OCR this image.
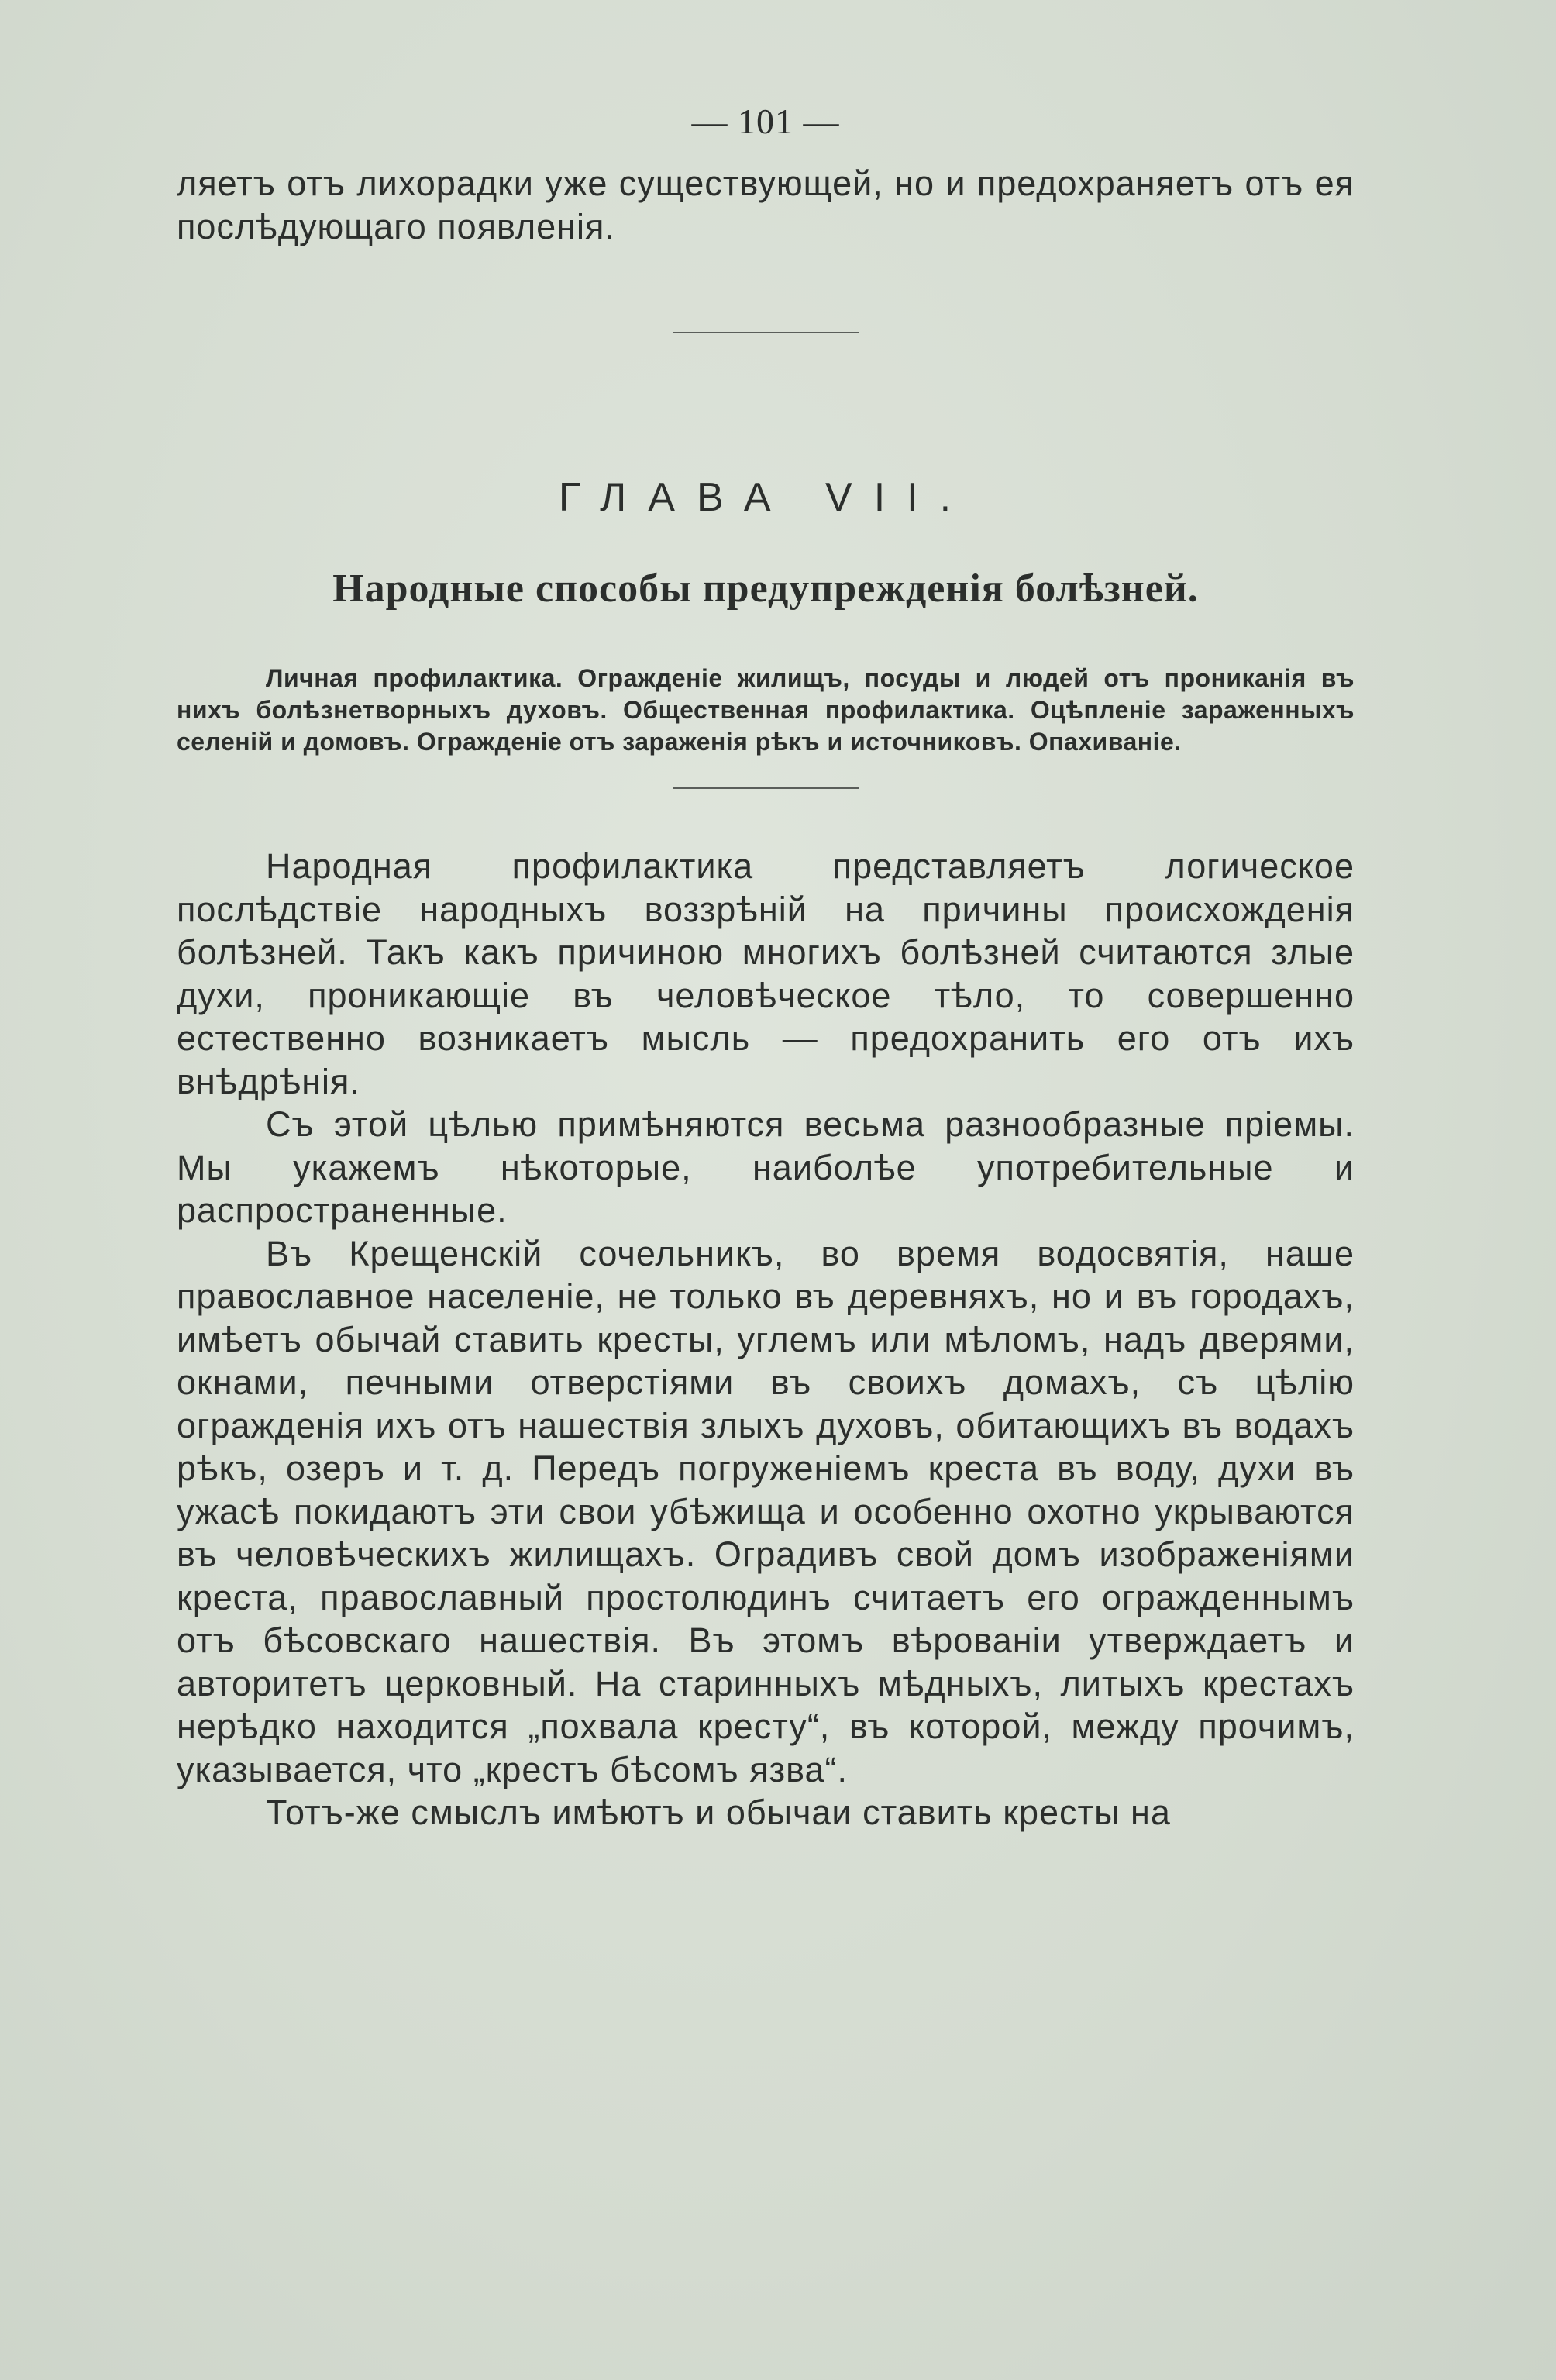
— 101 —

ляетъ отъ лихорадки уже существующей, но и предохраняетъ отъ ея послѣдующаго появленія.

ГЛАВА VII.
Народные способы предупрежденія болѣзней.
Личная профилактика. Огражденіе жилищъ, посуды и людей отъ прониканія въ нихъ болѣзнетворныхъ духовъ. Общественная профилактика. Оцѣпленіе зараженныхъ селеній и домовъ. Огражденіе отъ зараженія рѣкъ и источниковъ. Опахиваніе.

Народная профилактика представляетъ логическое послѣдствіе народныхъ воззрѣній на причины происхожденія болѣзней. Такъ какъ причиною многихъ болѣзней считаются злые духи, проникающіе въ человѣческое тѣло, то совершенно естественно возникаетъ мысль — предохранить его отъ ихъ внѣдрѣнія.

Съ этой цѣлью примѣняются весьма разнообразные пріемы. Мы укажемъ нѣкоторые, наиболѣе употребительные и распространенные.

Въ Крещенскій сочельникъ, во время водосвятія, наше православное населеніе, не только въ деревняхъ, но и въ городахъ, имѣетъ обычай ставить кресты, углемъ или мѣломъ, надъ дверями, окнами, печными отверстіями въ своихъ домахъ, съ цѣлію огражденія ихъ отъ нашествія злыхъ духовъ, обитающихъ въ водахъ рѣкъ, озеръ и т. д. Передъ погруженіемъ креста въ воду, духи въ ужасѣ покидаютъ эти свои убѣжища и особенно охотно укрываются въ человѣческихъ жилищахъ. Оградивъ свой домъ изображеніями креста, православный простолюдинъ считаетъ его огражденнымъ отъ бѣсовскаго нашествія. Въ этомъ вѣрованіи утверждаетъ и авторитетъ церковный. На старинныхъ мѣдныхъ, литыхъ крестахъ нерѣдко находится „похвала кресту“, въ которой, между прочимъ, указывается, что „крестъ бѣсомъ язва“.

Тотъ-же смыслъ имѣютъ и обычаи ставить кресты на
